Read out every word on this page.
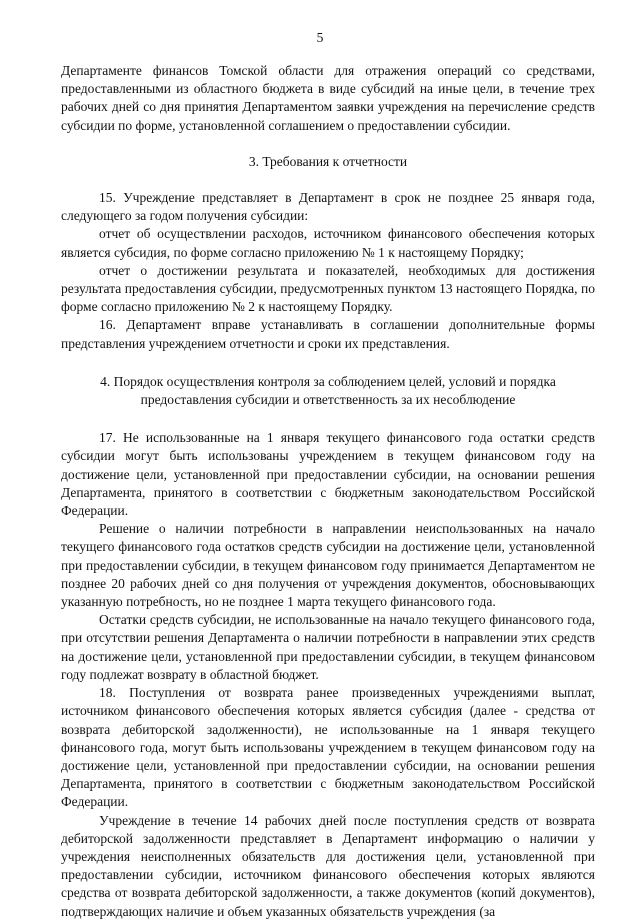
5

Департаменте финансов Томской области для отражения операций со средствами, предоставленными из областного бюджета в виде субсидий на иные цели, в течение трех рабочих дней со дня принятия Департаментом заявки учреждения на перечисление средств субсидии по форме, установленной соглашением о предоставлении субсидии.

3. Требования к отчетности

15. Учреждение представляет в Департамент в срок не позднее 25 января года, следующего за годом получения субсидии:

отчет об осуществлении расходов, источником финансового обеспечения которых является субсидия, по форме согласно приложению № 1 к настоящему Порядку;

отчет о достижении результата и показателей, необходимых для достижения результата предоставления субсидии, предусмотренных пунктом 13 настоящего Порядка, по форме согласно приложению № 2 к настоящему Порядку.

16. Департамент вправе устанавливать в соглашении дополнительные формы представления учреждением отчетности и сроки их представления.

4. Порядок осуществления контроля за соблюдением целей, условий и порядка
предоставления субсидии и ответственность за их несоблюдение

17. Не использованные на 1 января текущего финансового года остатки средств субсидии могут быть использованы учреждением в текущем финансовом году на достижение цели, установленной при предоставлении субсидии, на основании решения Департамента, принятого в соответствии с бюджетным законодательством Российской Федерации.

Решение о наличии потребности в направлении неиспользованных на начало текущего финансового года остатков средств субсидии на достижение цели, установленной при предоставлении субсидии, в текущем финансовом году принимается Департаментом не позднее 20 рабочих дней со дня получения от учреждения документов, обосновывающих указанную потребность, но не позднее 1 марта текущего финансового года.

Остатки средств субсидии, не использованные на начало текущего финансового года, при отсутствии решения Департамента о наличии потребности в направлении этих средств на достижение цели, установленной при предоставлении субсидии, в текущем финансовом году подлежат возврату в областной бюджет.

18. Поступления от возврата ранее произведенных учреждениями выплат, источником финансового обеспечения которых является субсидия (далее - средства от возврата дебиторской задолженности), не использованные на 1 января текущего финансового года, могут быть использованы учреждением в текущем финансовом году на достижение цели, установленной при предоставлении субсидии, на основании решения Департамента, принятого в соответствии с бюджетным законодательством Российской Федерации.

Учреждение в течение 14 рабочих дней после поступления средств от возврата дебиторской задолженности представляет в Департамент информацию о наличии у учреждения неисполненных обязательств для достижения цели, установленной при предоставлении субсидии, источником финансового обеспечения которых являются средства от возврата дебиторской задолженности, а также документов (копий документов), подтверждающих наличие и объем указанных обязательств учреждения (за
